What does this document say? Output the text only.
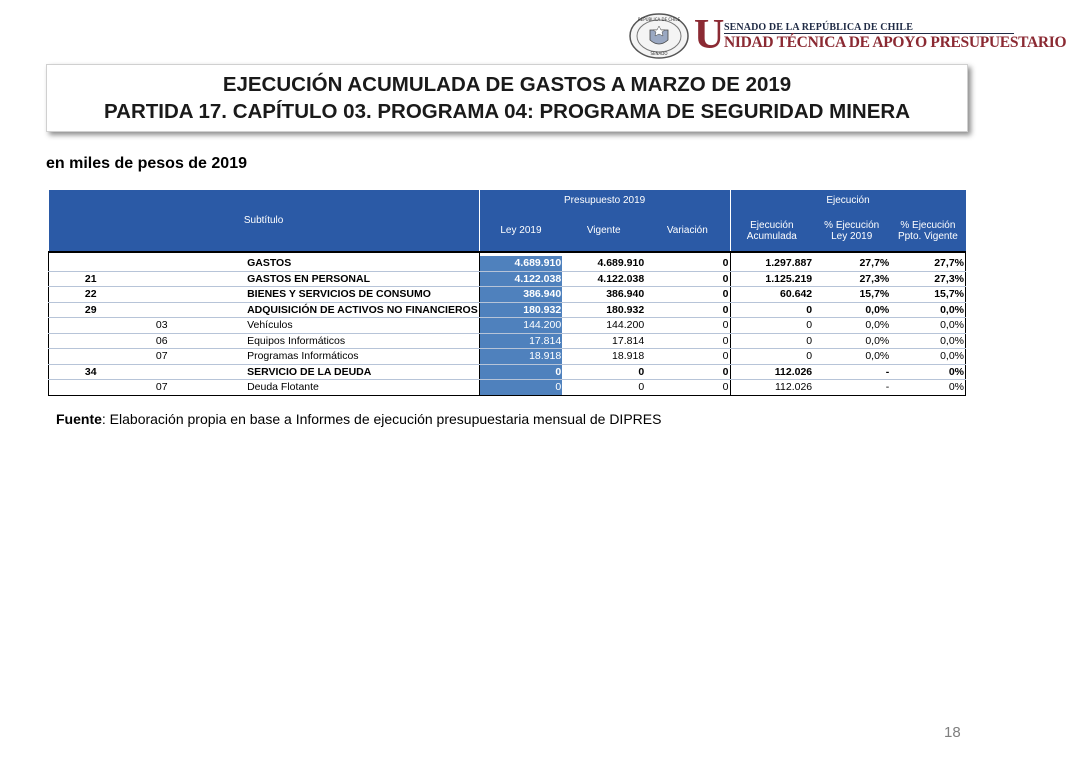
REPÚBLICA DE CHILE
SENADO U SENADO DE LA REPÚBLICA DE CHILE
NIDAD TÉCNICA DE APOYO PRESUPUESTARIO
EJECUCIÓN ACUMULADA DE GASTOS A MARZO DE 2019
PARTIDA 17. CAPÍTULO 03. PROGRAMA 04: PROGRAMA DE SEGURIDAD MINERA
en miles de pesos de 2019
Subtítulo			Presupuesto 2019			Ejecución		
			Ley 2019	Vigente	Variación	Ejecución Acumulada	% Ejecución Ley 2019	% Ejecución Ppto. Vigente

		GASTOS	4.689.910	4.689.910	0	1.297.887	27,7%	27,7%
21		GASTOS EN PERSONAL	4.122.038	4.122.038	0	1.125.219	27,3%	27,3%
22		BIENES Y SERVICIOS DE CONSUMO	386.940	386.940	0	60.642	15,7%	15,7%
29		ADQUISICIÓN DE ACTIVOS NO FINANCIEROS	180.932	180.932	0	0	0,0%	0,0%
	03	Vehículos	144.200	144.200	0	0	0,0%	0,0%
	06	Equipos Informáticos	17.814	17.814	0	0	0,0%	0,0%
	07	Programas Informáticos	18.918	18.918	0	0	0,0%	0,0%
34		SERVICIO DE LA DEUDA	0	0	0	112.026	-	0%
	07	Deuda Flotante	0	0	0	112.026	-	0%
Fuente: Elaboración propia en base a Informes de ejecución presupuestaria mensual de DIPRES
18
